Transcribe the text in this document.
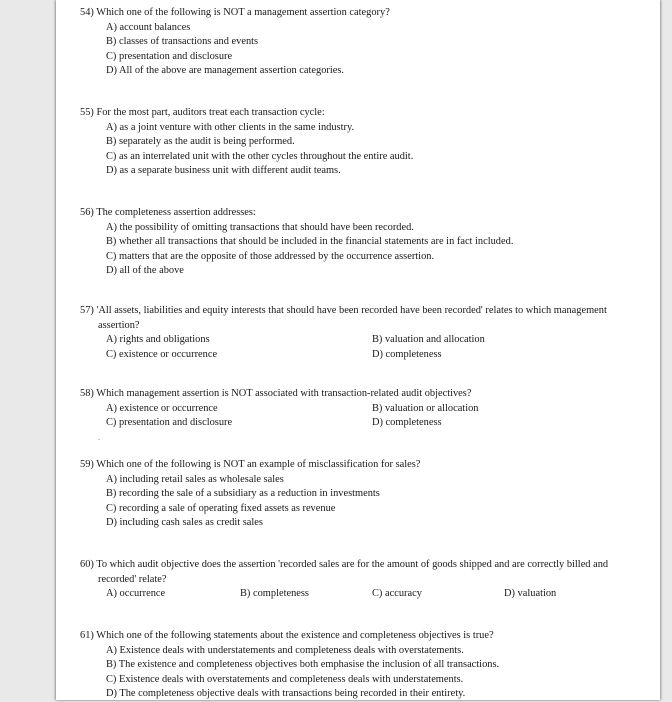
54) Which one of the following is NOT a management assertion category?

A) account balances
B) classes of transactions and events
C) presentation and disclosure
D) All of the above are management assertion categories.

55) For the most part, auditors treat each transaction cycle:

A) as a joint venture with other clients in the same industry.
B) separately as the audit is being performed.
C) as an interrelated unit with the other cycles throughout the entire audit.
D) as a separate business unit with different audit teams.

56) The completeness assertion addresses:

A) the possibility of omitting transactions that should have been recorded.
B) whether all transactions that should be included in the financial statements are in fact included.
C) matters that are the opposite of those addressed by the occurrence assertion.
D) all of the above

57) 'All assets, liabilities and equity interests that should have been recorded have been recorded' relates to which management assertion?

A) rights and obligations	B) valuation and allocation
C) existence or occurrence	D) completeness

58) Which management assertion is NOT associated with transaction-related audit objectives?

A) existence or occurrence	B) valuation or allocation
C) presentation and disclosure	D) completeness
.

59) Which one of the following is NOT an example of misclassification for sales?

A) including retail sales as wholesale sales
B) recording the sale of a subsidiary as a reduction in investments
C) recording a sale of operating fixed assets as revenue
D) including cash sales as credit sales

60) To which audit objective does the assertion 'recorded sales are for the amount of goods shipped and are correctly billed and recorded' relate?

A) occurrence	B) completeness	C) accuracy	D) valuation

61) Which one of the following statements about the existence and completeness objectives is true?

A) Existence deals with understatements and completeness deals with overstatements.
B) The existence and completeness objectives both emphasise the inclusion of all transactions.
C) Existence deals with overstatements and completeness deals with understatements.
D) The completeness objective deals with transactions being recorded in their entirety.
